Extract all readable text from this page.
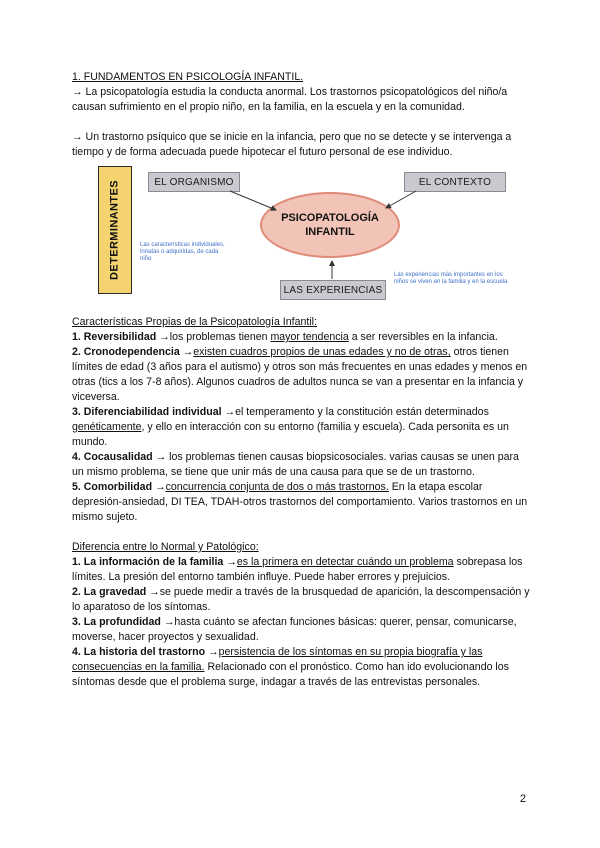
1. FUNDAMENTOS EN PSICOLOGÍA INFANTIL.

→ La psicopatología estudia la conducta anormal. Los trastornos psicopatológicos del niño/a causan sufrimiento en el propio niño, en la familia, en la escuela y en la comunidad.

→ Un trastorno psíquico que se inicie en la infancia, pero que no se detecte y se intervenga a tiempo y de forma adecuada puede hipotecar el futuro personal de ese individuo.

DETERMINANTES	EL ORGANISMO	EL CONTEXTO
PSICOPATOLOGÍA
INFANTIL
LAS EXPERIENCIAS
Las características individuales, innatas o adquiridas, de cada niño
Las experiencias más importantes en los niños se viven en la familia y en la escuela

Características Propias de la Psicopatología Infantil:

1. Reversibilidad →los problemas tienen mayor tendencia a ser reversibles en la infancia.

2. Cronodependencia →existen cuadros propios de unas edades y no de otras, otros tienen límites de edad (3 años para el autismo) y otros son más frecuentes en unas edades y menos en otras (tics a los 7-8 años). Algunos cuadros de adultos nunca se van a presentar en la infancia y viceversa.

3. Diferenciabilidad individual →el temperamento y la constitución están determinados genéticamente, y ello en interacción con su entorno (familia y escuela). Cada personita es un mundo.

4. Cocausalidad → los problemas tienen causas biopsicosociales. varias causas se unen para un mismo problema, se tiene que unir más de una causa para que se de un trastorno.

5. Comorbilidad →concurrencia conjunta de dos o más trastornos. En la etapa escolar depresión-ansiedad, DI TEA, TDAH-otros trastornos del comportamiento. Varios trastornos en un mismo sujeto.

Diferencia entre lo Normal y Patológico:

1. La información de la familia →es la primera en detectar cuándo un problema sobrepasa los límites. La presión del entorno también influye. Puede haber errores y prejuicios.

2. La gravedad →se puede medir a través de la brusquedad de aparición, la descompensación y lo aparatoso de los síntomas.

3. La profundidad →hasta cuánto se afectan funciones básicas: querer, pensar, comunicarse, moverse, hacer proyectos y sexualidad.

4. La historia del trastorno →persistencia de los síntomas en su propia biografía y las consecuencias en la familia. Relacionado con el pronóstico. Como han ido evolucionando los síntomas desde que el problema surge, indagar a través de las entrevistas personales.

2
